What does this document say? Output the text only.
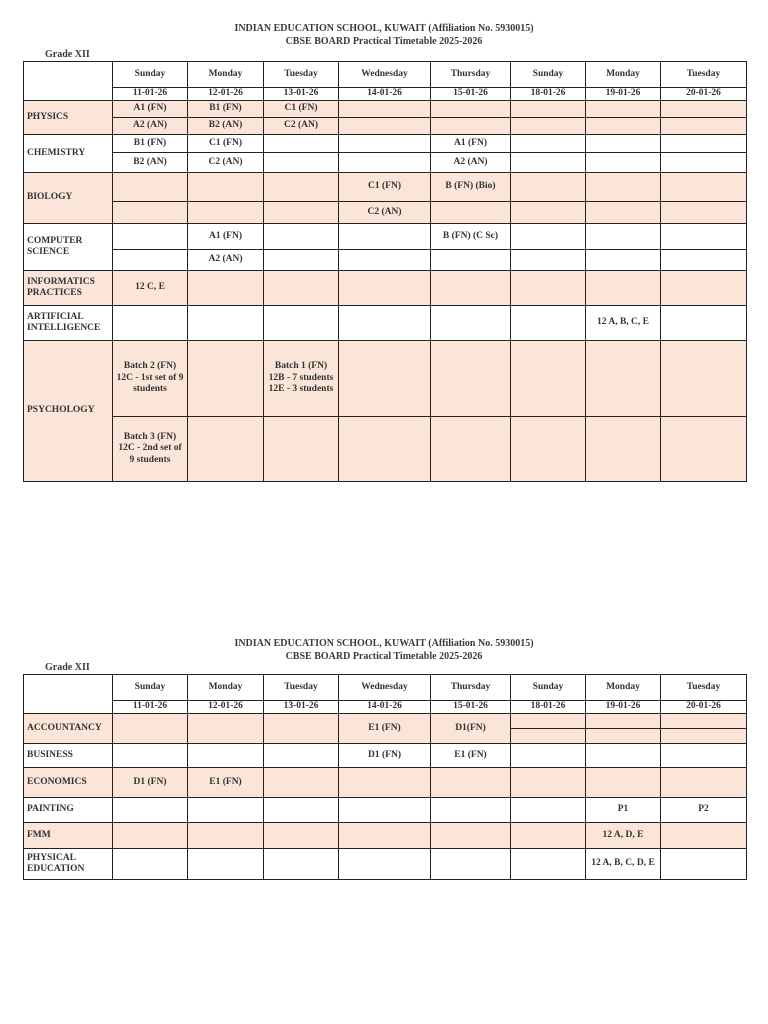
INDIAN EDUCATION SCHOOL, KUWAIT (Affiliation No. 5930015)
CBSE BOARD Practical Timetable 2025-2026
Grade XII
	Sunday	Monday	Tuesday	Wednesday	Thursday	Sunday	Monday	Tuesday
	11-01-26	12-01-26	13-01-26	14-01-26	15-01-26	18-01-26	19-01-26	20-01-26
PHYSICS	A1 (FN)	B1 (FN)	C1 (FN)					
	A2 (AN)	B2 (AN)	C2 (AN)					
CHEMISTRY	B1 (FN)	C1 (FN)			A1 (FN)			
	B2 (AN)	C2 (AN)			A2 (AN)			
BIOLOGY				C1 (FN)	B (FN) (Bio)			
				C2 (AN)				
COMPUTER SCIENCE		A1 (FN)			B (FN) (C Sc)			
		A2 (AN)						
INFORMATICS PRACTICES	12 C, E							
ARTIFICIAL INTELLIGENCE							12 A, B, C, E	
PSYCHOLOGY	Batch 2 (FN) 12C - 1st set of 9 students		Batch 1 (FN) 12B - 7 students 12E - 3 students					
	Batch 3 (FN) 12C - 2nd set of 9 students							
INDIAN EDUCATION SCHOOL, KUWAIT (Affiliation No. 5930015)
CBSE BOARD Practical Timetable 2025-2026
Grade XII
	Sunday	Monday	Tuesday	Wednesday	Thursday	Sunday	Monday	Tuesday
	11-01-26	12-01-26	13-01-26	14-01-26	15-01-26	18-01-26	19-01-26	20-01-26
ACCOUNTANCY				E1 (FN)	D1(FN)	

BUSINESS				D1 (FN)	E1 (FN)			
ECONOMICS	D1 (FN)	E1 (FN)						
PAINTING							P1	P2
FMM							12 A, D, E	
PHYSICAL EDUCATION							12 A, B, C, D, E	
